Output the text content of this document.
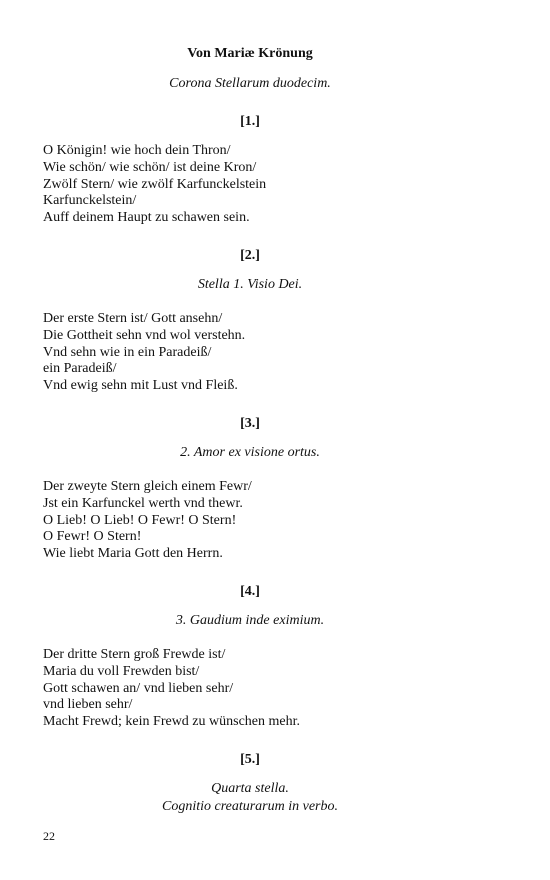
Von Mariæ Krönung
Corona Stellarum duodecim.
[1.]
O Königin! wie hoch dein Thron/
Wie schön/ wie schön/ ist deine Kron/
Zwölf Stern/ wie zwölf Karfunckelstein
Karfunckelstein/
Auff deinem Haupt zu schawen sein.
[2.]
Stella 1. Visio Dei.
Der erste Stern ist/ Gott ansehn/
Die Gottheit sehn vnd wol verstehn.
Vnd sehn wie in ein Paradeiß/
ein Paradeiß/
Vnd ewig sehn mit Lust vnd Fleiß.
[3.]
2. Amor ex visione ortus.
Der zweyte Stern gleich einem Fewr/
Jst ein Karfunckel werth vnd thewr.
O Lieb! O Lieb! O Fewr! O Stern!
O Fewr! O Stern!
Wie liebt Maria Gott den Herrn.
[4.]
3. Gaudium inde eximium.
Der dritte Stern groß Frewde ist/
Maria du voll Frewden bist/
Gott schawen an/ vnd lieben sehr/
vnd lieben sehr/
Macht Frewd; kein Frewd zu wünschen mehr.
[5.]
Quarta stella.
Cognitio creaturarum in verbo.
22
